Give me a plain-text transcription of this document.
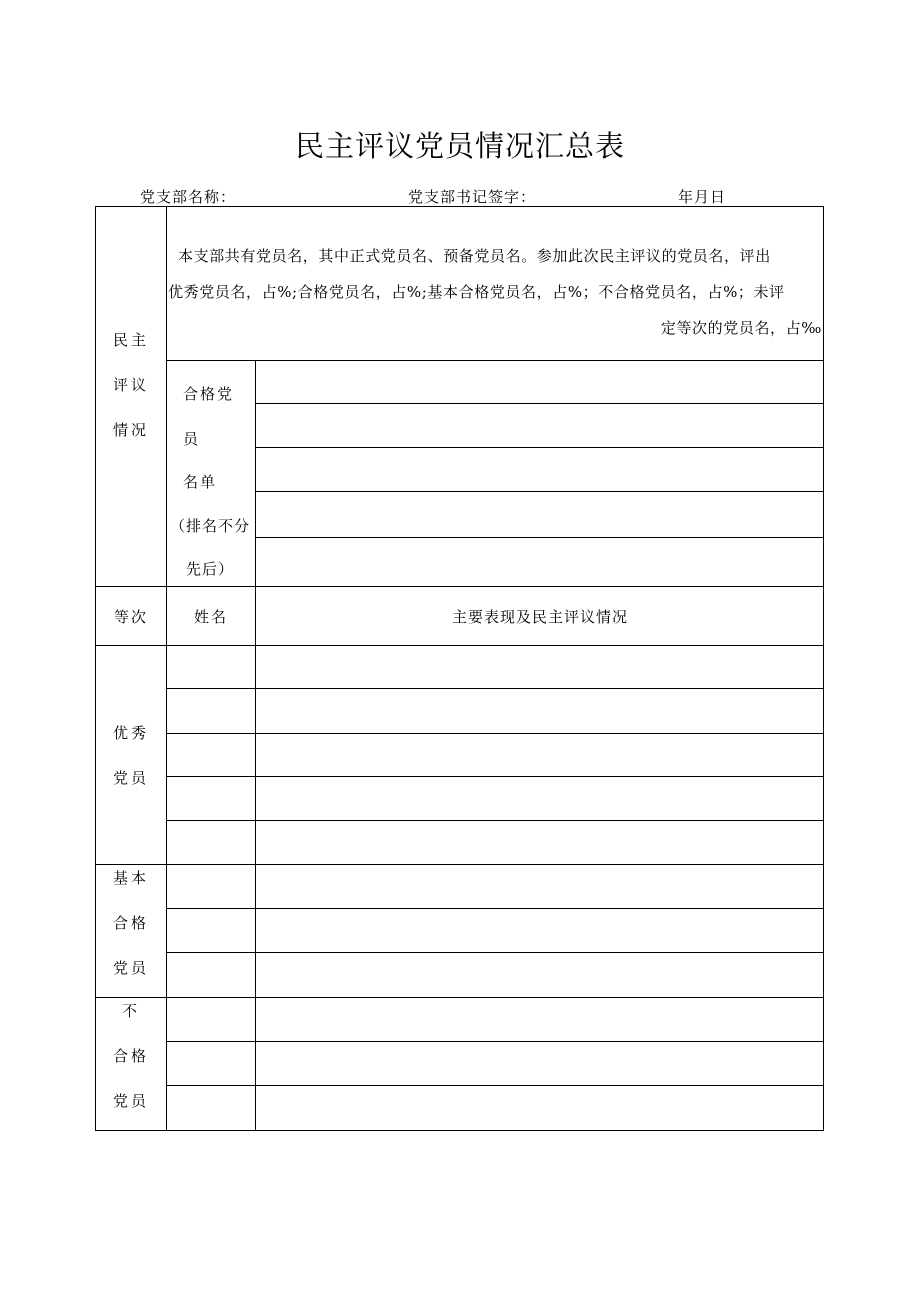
民主评议党员情况汇总表
党支部名称：	党支部书记签字：	年月日
民主
评议
情况
本支部共有党员名，其中正式党员名、预备党员名。参加此次民主评议的党员名，评出
优秀党员名，占%;合格党员名，占%;基本合格党员名，占%；不合格党员名，占%；未评
定等次的党员名，占‰
合格党
员
名单
（排名不分
先后）
等次	姓名	主要表现及民主评议情况
优秀
党员
基本
合格
党员
不
合格
党员
